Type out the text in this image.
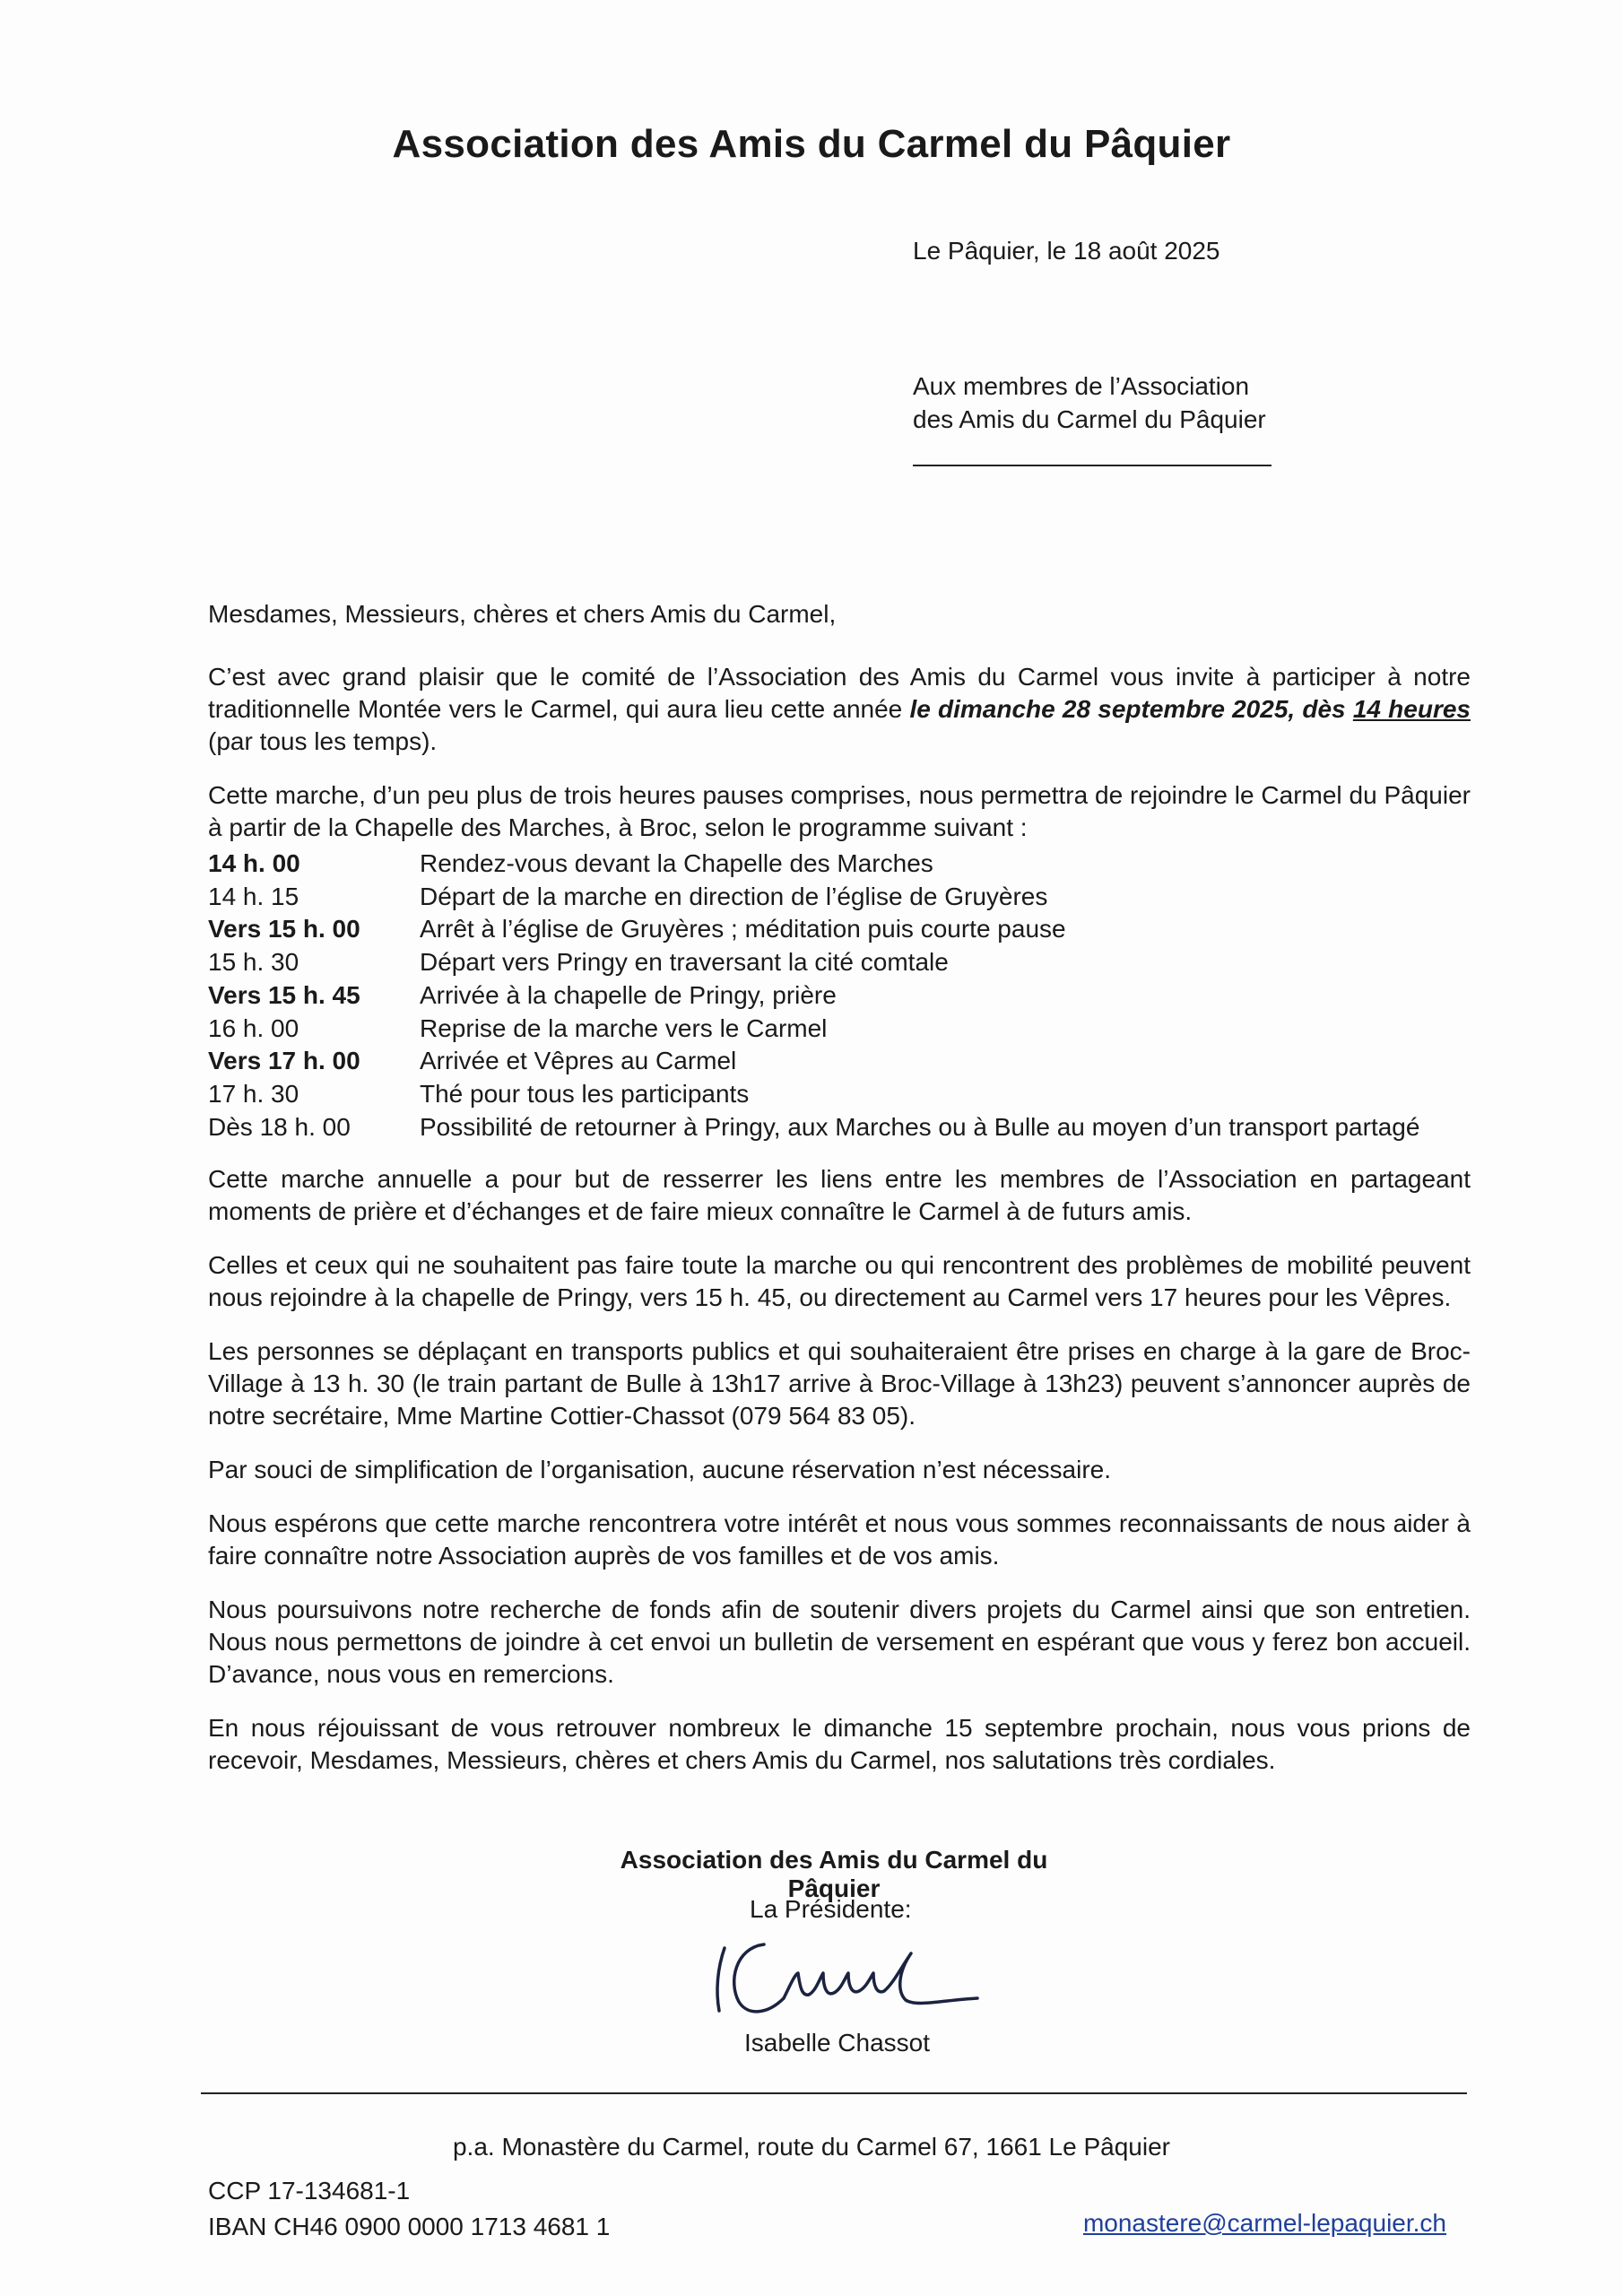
Association des Amis du Carmel du Pâquier
Le Pâquier, le 18 août 2025
Aux membres de l’Association
des Amis du Carmel du Pâquier

Mesdames, Messieurs, chères et chers Amis du Carmel,

C’est avec grand plaisir que le comité de l’Association des Amis du Carmel vous invite à participer à notre traditionnelle Montée vers le Carmel, qui aura lieu cette année le dimanche 28 septembre 2025, dès 14 heures (par tous les temps).

Cette marche, d’un peu plus de trois heures pauses comprises, nous permettra de rejoindre le Carmel du Pâquier à partir de la Chapelle des Marches, à Broc, selon le programme suivant :

14 h. 00	Rendez-vous devant la Chapelle des Marches
14 h. 15	Départ de la marche en direction de l’église de Gruyères
Vers 15 h. 00	Arrêt à l’église de Gruyères ; méditation puis courte pause
15 h. 30	Départ vers Pringy en traversant la cité comtale
Vers 15 h. 45	Arrivée à la chapelle de Pringy, prière
16 h. 00	Reprise de la marche vers le Carmel
Vers 17 h. 00	Arrivée et Vêpres au Carmel
17 h. 30	Thé pour tous les participants
Dès 18 h. 00	Possibilité de retourner à Pringy, aux Marches ou à Bulle au moyen d’un transport partagé

Cette marche annuelle a pour but de resserrer les liens entre les membres de l’Association en partageant moments de prière et d’échanges et de faire mieux connaître le Carmel à de futurs amis.

Celles et ceux qui ne souhaitent pas faire toute la marche ou qui rencontrent des problèmes de mobilité peuvent nous rejoindre à la chapelle de Pringy, vers 15 h. 45, ou directement au Carmel vers 17 heures pour les Vêpres.

Les personnes se déplaçant en transports publics et qui souhaiteraient être prises en charge à la gare de Broc-Village à 13 h. 30 (le train partant de Bulle à 13h17 arrive à Broc-Village à 13h23) peuvent s’annoncer auprès de notre secrétaire, Mme Martine Cottier-Chassot (079 564 83 05).

Par souci de simplification de l’organisation, aucune réservation n’est nécessaire.

Nous espérons que cette marche rencontrera votre intérêt et nous vous sommes reconnaissants de nous aider à faire connaître notre Association auprès de vos familles et de vos amis.

Nous poursuivons notre recherche de fonds afin de soutenir divers projets du Carmel ainsi que son entretien. Nous nous permettons de joindre à cet envoi un bulletin de versement en espérant que vous y ferez bon accueil. D’avance, nous vous en remercions.

En nous réjouissant de vous retrouver nombreux le dimanche 15 septembre prochain, nous vous prions de recevoir, Mesdames, Messieurs, chères et chers Amis du Carmel, nos salutations très cordiales.

Association des Amis du Carmel du Pâquier
La Présidente:
Isabelle Chassot
p.a. Monastère du Carmel, route du Carmel 67, 1661 Le Pâquier
CCP 17-134681-1
IBAN CH46 0900 0000 1713 4681 1	monastere@carmel-lepaquier.ch
